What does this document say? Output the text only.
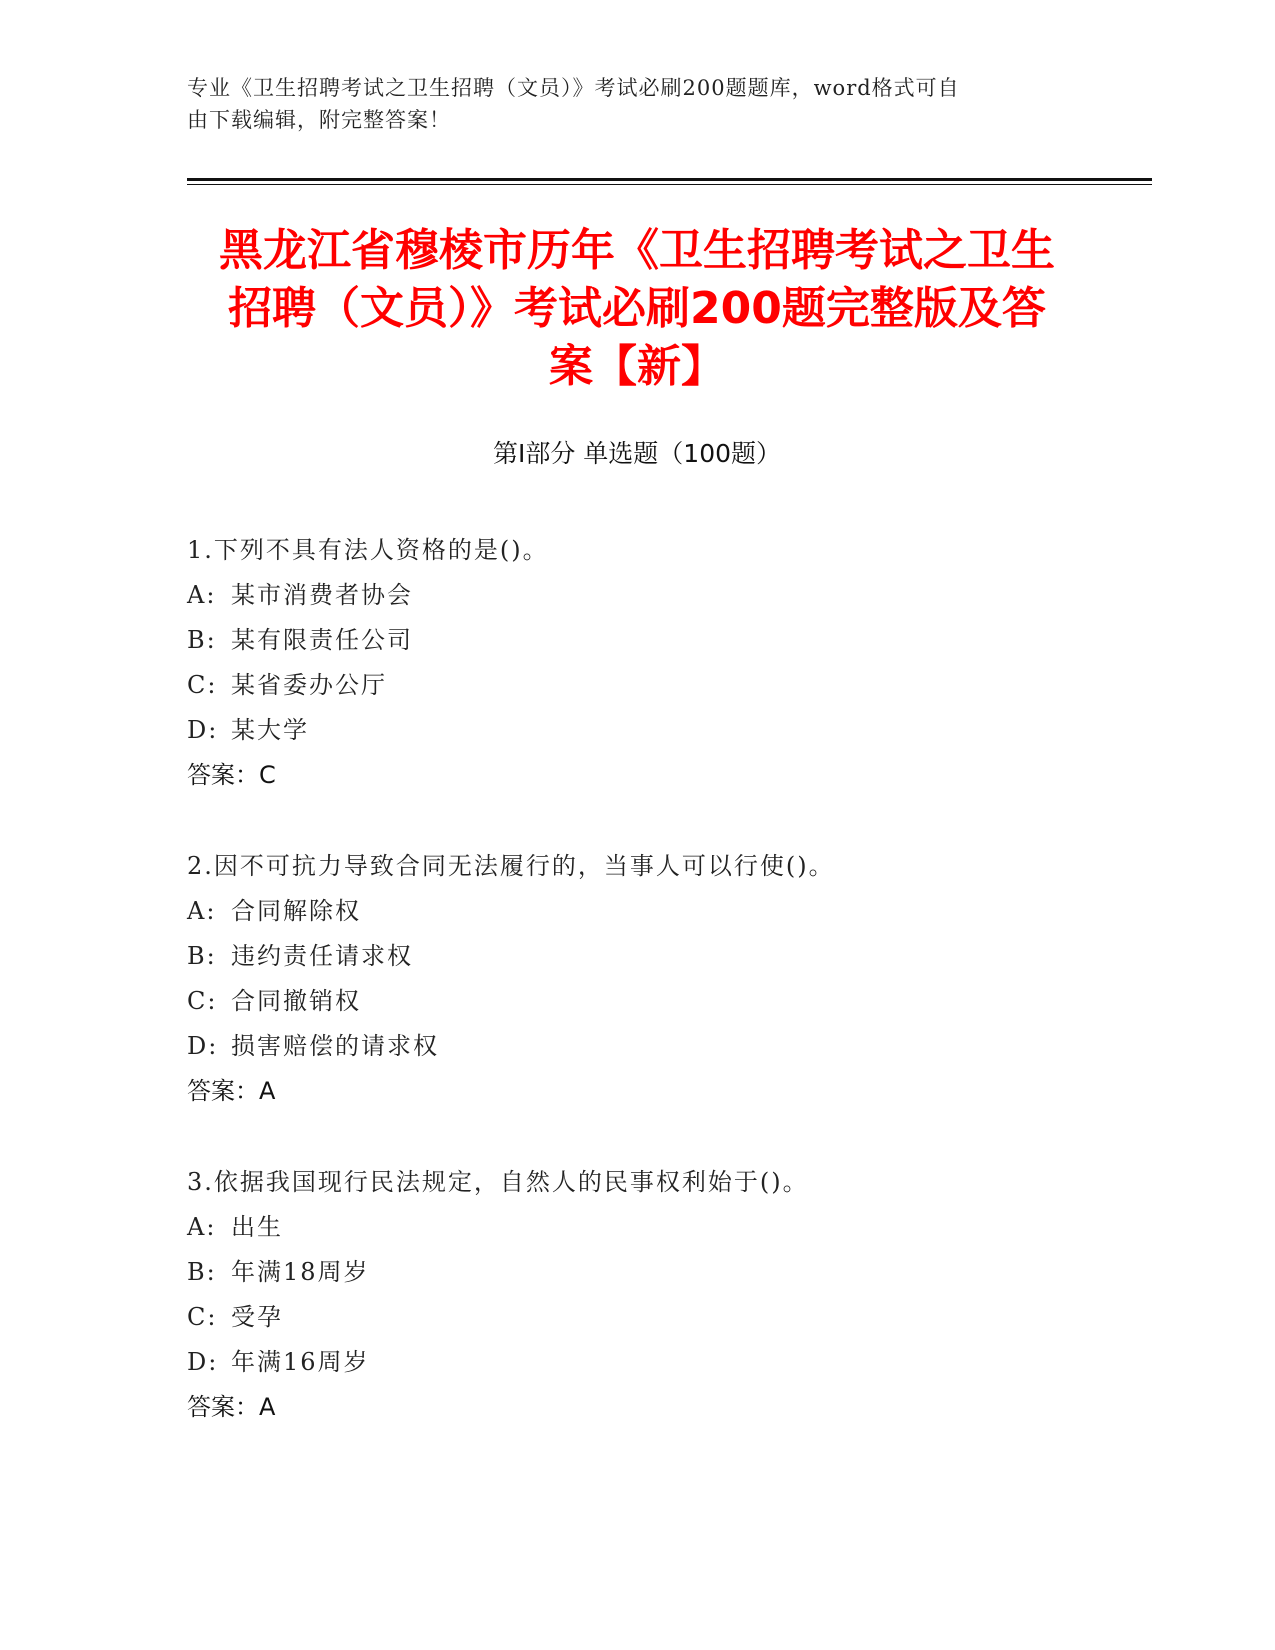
专业《卫生招聘考试之卫生招聘（文员）》考试必刷200题题库，word格式可自
由下载编辑，附完整答案！
黑龙江省穆棱市历年《卫生招聘考试之卫生
招聘（文员）》考试必刷200题完整版及答
案【新】
第Ⅰ部分 单选题（100题）
1.下列不具有法人资格的是()。
A: 某市消费者协会
B: 某有限责任公司
C: 某省委办公厅
D: 某大学
答案：C
2.因不可抗力导致合同无法履行的，当事人可以行使()。
A: 合同解除权
B: 违约责任请求权
C: 合同撤销权
D: 损害赔偿的请求权
答案：A
3.依据我国现行民法规定，自然人的民事权利始于()。
A: 出生
B: 年满18周岁
C: 受孕
D: 年满16周岁
答案：A
